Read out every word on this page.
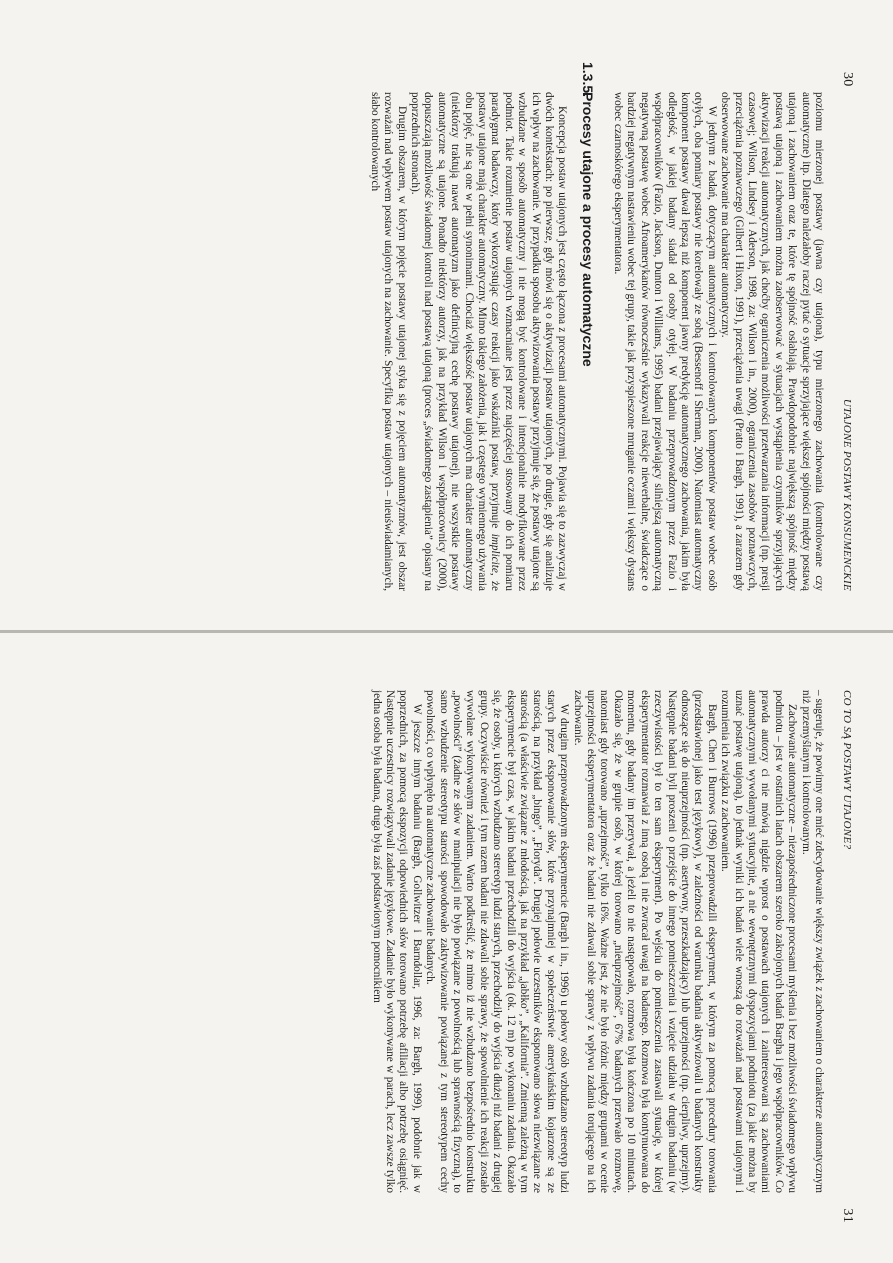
30
UTAJONE POSTAWY KONSUMENCKIE

poziomu mierzonej postawy (jawna czy utajona), typu mierzonego zachowania (kontrolowane czy automatyczne) itp. Dlatego należałoby raczej pytać o sytuacje sprzyjające większej spójności między postawą utajoną i zachowaniem oraz te, które tę spójność osłabiają. Prawdopodobnie największą spójność między postawą utajoną i zachowaniem można zaobserwować w sytuacjach wystąpienia czynników sprzyjających aktywizacji reakcji automatycznych, jak choćby ograniczenia możliwości przetwarzania informacji (np. presji czasowej; Wilson, Lindsey i Aderson, 1998, za: Wilson i in., 2000), ograniczenia zasobów poznawczych, przeciążenia poznawczego (Gilbert i Hixon, 1991), przeciążenia uwagi (Pratto i Bargh, 1991), a zarazem gdy obserwowane zachowanie ma charakter automatyczny.

W jednym z badań, dotyczącym automatycznych i kontrolowanych komponentów postaw wobec osób otyłych, oba pomiary postawy nie korelowały ze sobą (Bessenoff i Sherman, 2000). Natomiast automatyczny komponent postawy dawał lepszą niż komponent jawny predykcję automatycznego zachowania, jakim była odległość, w jakiej badany siadał od osoby otyłej. W badaniu przeprowadzonym przez Fazio i współpracowników (Fazio, Jackson, Dunton i Williams, 1995) badani przejawiający silniejszą automatyczną negatywną postawę wobec Afroamerykanów równocześnie wykazywali reakcje niewerbalne, świadczące o bardziej negatywnym nastawieniu wobec tej grupy, takie jak przyspieszone mruganie oczami i większy dystans wobec czarnoskórego eksperymentatora.

1.3.5.Procesy utajone a procesy automatyczne

Koncepcja postaw utajonych jest często łączona z procesami automatycznymi. Pojawia się to zazwyczaj w dwóch kontekstach: po pierwsze, gdy mówi się o aktywizacji postaw utajonych, po drugie, gdy się analizuje ich wpływ na zachowanie. W przypadku sposobu aktywizowania postawy przyjmuje się, że postawy utajone są wzbudzane w sposób automatyczny i nie mogą być kontrolowane i intencjonalnie modyfikowane przez podmiot. Takie rozumienie postaw utajonych wzmacniane jest przez najczęściej stosowany do ich pomiaru paradygmat badawczy, który wykorzystując czasy reakcji jako wskaźniki postaw, przyjmuje implicite, że postawy utajone mają charakter automatyczny. Mimo takiego założenia, jak i częstego wymiennego używania obu pojęć, nie są one w pełni synonimami. Chociaż większość postaw utajonych ma charakter automatyczny (niektórzy traktują nawet automatyzm jako definicyjną cechę postawy utajonej), nie wszystkie postawy automatyczne są utajone. Ponadto niektórzy autorzy, jak na przykład Wilson i współpracownicy (2000), dopuszczają możliwość świadomej kontroli nad postawą utajoną (proces „świadomego zastąpienia” opisany na poprzednich stronach).

Drugim obszarem, w którym pojęcie postawy utajonej styka się z pojęciem automatyzmów, jest obszar rozważań nad wpływem postaw utajonych na zachowanie. Specyfika postaw utajonych – nieuświadamianych, słabo kontrolowanych

CO TO SĄ POSTAWY UTAJONE?
31

– sugeruje, że powinny one mieć zdecydowanie większy związek z zachowaniem o charakterze automatycznym niż przemyślanym i kontrolowanym.

Zachowanie automatyczne – niezapośredniczone procesami myślenia i bez możliwości świadomego wpływu podmiotu – jest w ostatnich latach obszarem szeroko zakrojonych badań Bargha i jego współpracowników. Co prawda autorzy ci nie mówią nigdzie wprost o postawach utajonych i zainteresowani są zachowaniami automatycznymi wywołanymi sytuacyjnie, a nie wewnętrznymi dyspozycjami podmiotu (za jakie można by uznać postawę utajoną), to jednak wyniki ich badań wiele wnoszą do rozważań nad postawami utajonymi i rozumienia ich związku z zachowaniem.

Bargh, Chen i Burrows (1996) przeprowadzili eksperyment, w którym za pomocą procedury torowania (przedstawionej jako test językowy), w zależności od warunku badania aktywizowali u badanych konstrukty odnoszące się do nieuprzejmości (np. asertywny, przeszkadzający) lub uprzejmości (np. cierpliwy, uprzejmy). Następnie badani byli proszeni o przejście do innego pomieszczenia i wzięcie udziału w drugim badaniu (w rzeczywistości był to ten sam eksperyment). Po wejściu do pomieszczenia zastawali sytuację, w której eksperymentator rozmawiał z inną osobą i nie zwracał uwagi na badanego. Rozmowa była kontynuowana do momentu, gdy badany im przerywał, a jeżeli to nie następowało, rozmowa była kończona po 10 minutach. Okazało się, że w grupie osób, w której torowano „nieuprzejmość”, 67% badanych przerwało rozmowę, natomiast gdy torowano „uprzejmość”, tylko 16%. Ważne jest, że nie było różnic między grupami w ocenie uprzejmości eksperymentatora oraz że badani nie zdawali sobie sprawy z wpływu zadania torującego na ich zachowanie.

W drugim przeprowadzonym eksperymencie (Bargh i in., 1996) u połowy osób wzbudzano stereotyp ludzi starych przez eksponowanie słów, które przynajmniej w społeczeństwie amerykańskim kojarzone są ze starością, na przykład „bingo”, „Floryda”. Drugiej połowie uczestników eksponowano słowa niezwiązane ze starością (a właściwie związane z młodością, jak na przykład „jabłko”, „Kalifornia”. Zmienną zależną w tym eksperymencie był czas, w jakim badani przechodzili do wyjścia (ok. 12 m) po wykonaniu zadania. Okazało się, że osoby, u których wzbudzano stereotyp ludzi starych, przechodziły do wyjścia dłużej niż badani z drugiej grupy. Oczywiście również i tym razem badani nie zdawali sobie sprawy, że spowolnienie ich reakcji zostało wywołane wykonywanym zadaniem. Warto podkreślić, że mimo iż nie wzbudzano bezpośrednio konstruktu „powolności” (żadne ze słów w manipulacji nie było powiązane z powolnością lub sprawnością fizyczną), to samo wzbudzenie stereotypu starości spowodowało zaktywizowanie powiązanej z tym stereotypem cechy powolności, co wpłynęło na automatyczne zachowanie badanych.

W jeszcze innym badaniu (Bargh, Gollwitzer i Barndollar, 1996, za: Bargh, 1999), podobnie jak w poprzednich, za pomocą ekspozycji odpowiednich słów torowano potrzebę afiliacji albo potrzebę osiągnięć. Następnie uczestnicy rozwiązywali zadanie językowe. Zadanie było wykonywane w parach, lecz zawsze tylko jedna osoba była badana, druga była zaś podstawionym pomocnikiem
